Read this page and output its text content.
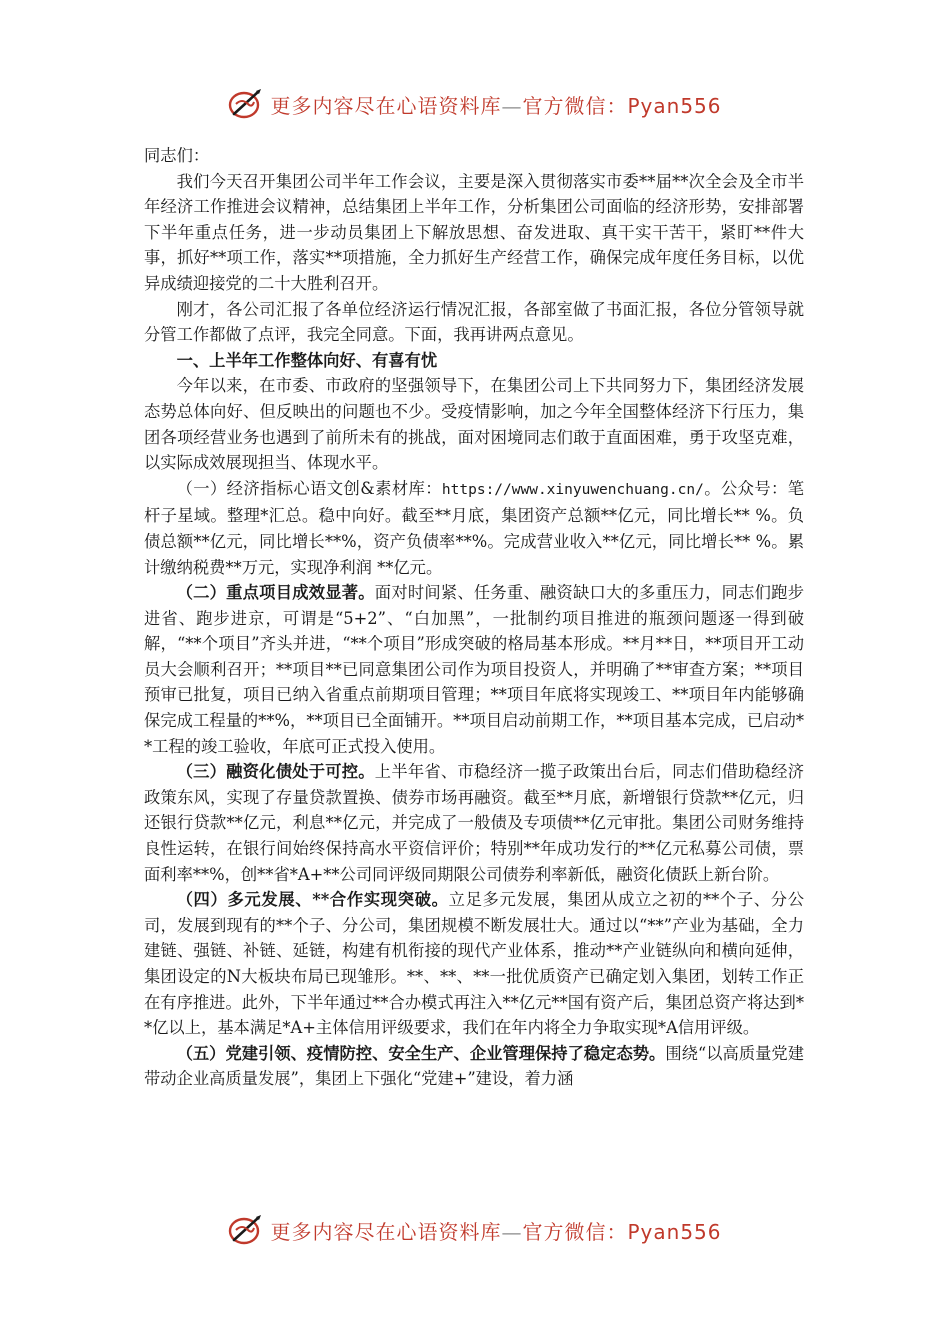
更多内容尽在心语资料库—官方微信：Pyan556

同志们：

我们今天召开集团公司半年工作会议，主要是深入贯彻落实市委**届**次全会及全市半年经济工作推进会议精神，总结集团上半年工作，分析集团公司面临的经济形势，安排部署下半年重点任务，进一步动员集团上下解放思想、奋发进取、真干实干苦干，紧盯**件大事，抓好**项工作，落实**项措施，全力抓好生产经营工作，确保完成年度任务目标，以优异成绩迎接党的二十大胜利召开。

刚才，各公司汇报了各单位经济运行情况汇报，各部室做了书面汇报，各位分管领导就分管工作都做了点评，我完全同意。下面，我再讲两点意见。

一、上半年工作整体向好、有喜有忧

今年以来，在市委、市政府的坚强领导下，在集团公司上下共同努力下，集团经济发展态势总体向好、但反映出的问题也不少。受疫情影响，加之今年全国整体经济下行压力，集团各项经营业务也遇到了前所未有的挑战，面对困境同志们敢于直面困难，勇于攻坚克难，以实际成效展现担当、体现水平。

（一）经济指标心语文创&素材库：https://www.xinyuwenchuang.cn/。公众号：笔杆子星域。整理*汇总。稳中向好。截至**月底，集团资产总额**亿元，同比增长** %。负债总额**亿元，同比增长**%，资产负债率**%。完成营业收入**亿元，同比增长** %。累计缴纳税费**万元，实现净利润 **亿元。

（二）重点项目成效显著。面对时间紧、任务重、融资缺口大的多重压力，同志们跑步进省、跑步进京，可谓是“5+2”、“白加黑”，一批制约项目推进的瓶颈问题逐一得到破解，“**个项目”齐头并进，“**个项目”形成突破的格局基本形成。**月**日，**项目开工动员大会顺利召开；**项目**已同意集团公司作为项目投资人，并明确了**审查方案；**项目预审已批复，项目已纳入省重点前期项目管理；**项目年底将实现竣工、**项目年内能够确保完成工程量的**%，**项目已全面铺开。**项目启动前期工作，**项目基本完成，已启动**工程的竣工验收，年底可正式投入使用。

（三）融资化债处于可控。上半年省、市稳经济一揽子政策出台后，同志们借助稳经济政策东风，实现了存量贷款置换、债券市场再融资。截至**月底，新增银行贷款**亿元，归还银行贷款**亿元，利息**亿元，并完成了一般债及专项债**亿元审批。集团公司财务维持良性运转，在银行间始终保持高水平资信评价；特别**年成功发行的**亿元私募公司债，票面利率**%，创**省*A+**公司同评级同期限公司债券利率新低，融资化债跃上新台阶。

（四）多元发展、**合作实现突破。立足多元发展，集团从成立之初的**个子、分公司，发展到现有的**个子、分公司，集团规模不断发展壮大。通过以“**”产业为基础，全力建链、强链、补链、延链，构建有机衔接的现代产业体系，推动**产业链纵向和横向延伸，集团设定的N大板块布局已现雏形。**、**、**一批优质资产已确定划入集团，划转工作正在有序推进。此外，下半年通过**合办模式再注入**亿元**国有资产后，集团总资产将达到**亿以上，基本满足*A+主体信用评级要求，我们在年内将全力争取实现*A信用评级。

（五）党建引领、疫情防控、安全生产、企业管理保持了稳定态势。围绕“以高质量党建带动企业高质量发展”，集团上下强化“党建+”建设，着力涵

更多内容尽在心语资料库—官方微信：Pyan556
